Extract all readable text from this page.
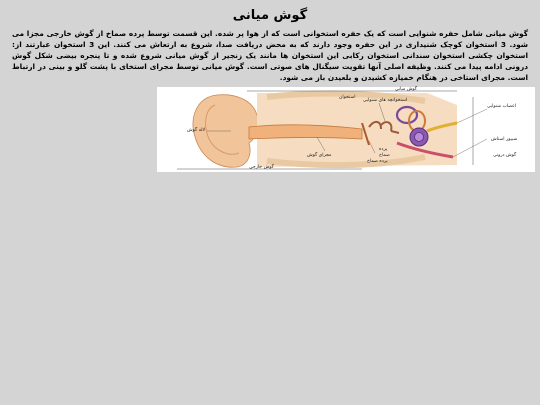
گوش میانی
گوش میانی شامل حفره شنوایی است که یک حفره استخوانی است که از هوا پر شده. این قسمت توسط پرده صماخ از گوش خارجی مجزا می شود. 3 استخوان کوچک شنیداری در این حفره وجود دارند که به محض دریافت صدا، شروع به ارتعاش می کنند. این 3 استخوان عبارتند از: استخوان چکشی استخوان سندانی استخوان رکابی این استخوان ها مانند یک زنجیر از گوش میانی شروع شده و تا پنجره بیضی شکل گوش درونی ادامه پیدا می کنند. وظیفه اصلی آنها تقویت سیگنال های صوتی است. گوش میانی توسط مجرای استخای با پشت گلو و بینی در ارتباط است. مجرای استاخی در هنگام خمیازه کشیدن و بلعیدن باز می شود.
گوش میانی
استخوان
استخوانچه های شنوایی
اعصاب شنوایی
شیپور استاش
گوش درونی
لاله گوش
مجرای گوش
پرده
صماخ
پرده صماخ
گوش خارجی
